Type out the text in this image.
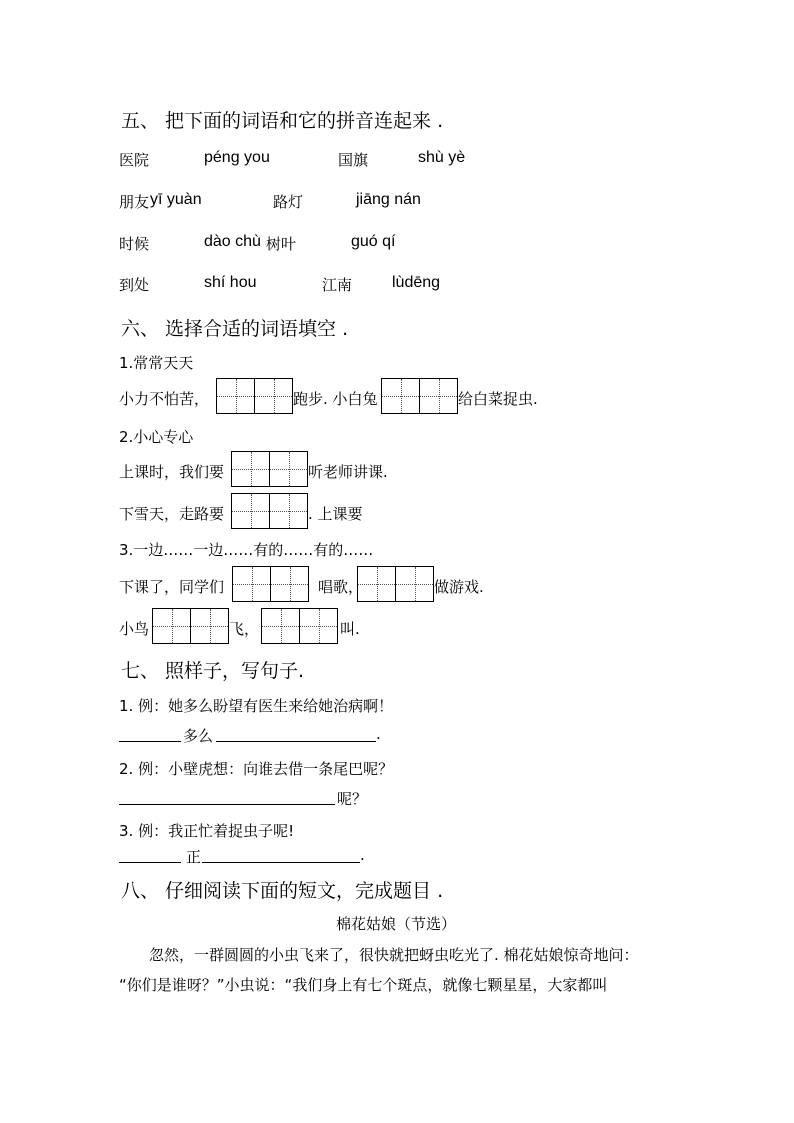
五、 把下面的词语和它的拼音连起来 .
医院	péng you	国旗	shù yè
朋友 yī yuàn	路灯	jiāng nán
时候	dào chù 树叶	guó qí
到处	shí hou	江南 lùdēng
六、 选择合适的词语填空 .
1.常常天天
小力不怕苦，	跑步. 小白兔	给白菜捉虫.
2.小心专心
上课时，我们要	听老师讲课.
下雪天，走路要	. 上课要
3.一边……一边……有的……有的……
下课了，同学们	唱歌，	做游戏.
小鸟	飞，	叫.
七、 照样子，写句子.
1. 例：她多么盼望有医生来给她治病啊！
多么	.
2. 例：小壁虎想：向谁去借一条尾巴呢？
呢？
3. 例：我正忙着捉虫子呢!
正	.
八、 仔细阅读下面的短文，完成题目 .
棉花姑娘（节选）
忽然，一群圆圆的小虫飞来了，很快就把蚜虫吃光了. 棉花姑娘惊奇地问：
“你们是谁呀？”小虫说：“我们身上有七个斑点，就像七颗星星，大家都叫
